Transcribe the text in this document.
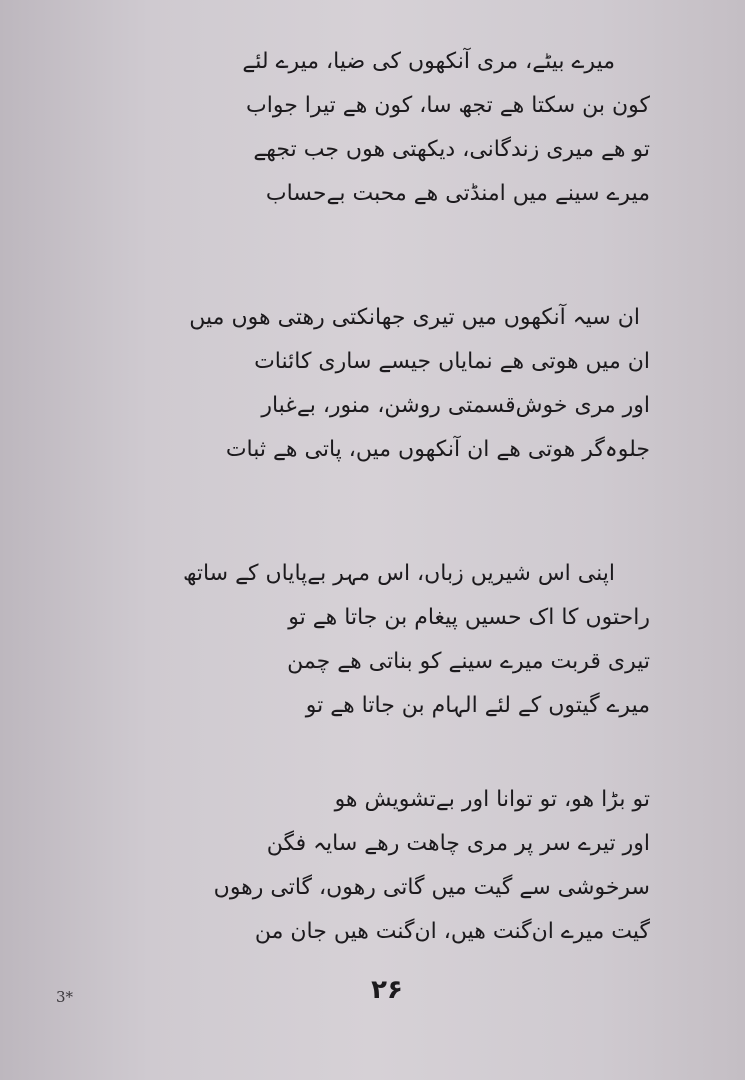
میرے بیٹے، مری آنکھوں کی ضیا، میرے لئے
کون بن سکتا ھے تجھ سا، کون ھے تیرا جواب
تو ھے میری زندگانی، دیکھتی ھوں جب تجھے
میرے سینے میں امنڈتی ھے محبت بےحساب
ان سیہ آنکھوں میں تیری جھانکتی رھتی ھوں میں
ان میں ھوتی ھے نمایاں جیسے ساری کائنات
اور مری خوش‌قسمتی روشن، منور، بےغبار
جلوہ‌گر ھوتی ھے ان آنکھوں میں، پاتی ھے ثبات
اپنی اس شیریں زباں، اس مہر بےپایاں کے ساتھ
راحتوں کا اک حسیں پیغام بن جاتا ھے تو
تیری قربت میرے سینے کو بناتی ھے چمن
میرے گیتوں کے لئے الہام بن جاتا ھے تو
تو بڑا ھو، تو توانا اور بےتشویش ھو
اور تیرے سر پر مری چاھت رھے سایہ فگن
سرخوشی سے گیت میں گاتی رھوں، گاتی رھوں
گیت میرے ان‌گنت ھیں، ان‌گنت ھیں جان من
۲۶
3*
